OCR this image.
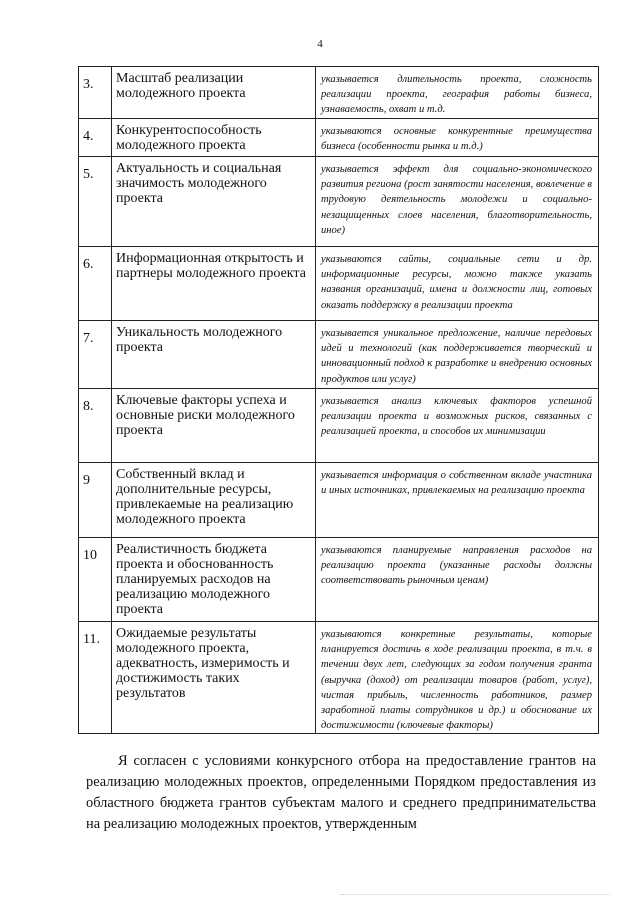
4
3.	Масштаб реализации молодежного проекта	указывается длительность проекта, сложность реализации проекта, география работы бизнеса, узнаваемость, охват и т.д.
4.	Конкурентоспособность молодежного проекта	указываются основные конкурентные преимущества бизнеса (особенности рынка и т.д.)
5.	Актуальность и социальная значимость молодежного проекта	указывается эффект для социально-экономического развития региона (рост занятости населения, вовлечение в трудовую деятельность молодежи и социально-незащищенных слоев населения, благотворительность, иное)
6.	Информационная открытость и партнеры молодежного проекта	указываются сайты, социальные сети и др. информационные ресурсы, можно также указать названия организаций, имена и должности лиц, готовых оказать поддержку в реализации проекта
7.	Уникальность молодежного проекта	указывается уникальное предложение, наличие передовых идей и технологий (как поддерживается творческий и инновационный подход к разработке и внедрению основных продуктов или услуг)
8.	Ключевые факторы успеха и основные риски молодежного проекта	указывается анализ ключевых факторов успешной реализации проекта и возможных рисков, связанных с реализацией проекта, и способов их минимизации
9	Собственный вклад и дополнительные ресурсы, привлекаемые на реализацию молодежного проекта	указывается информация о собственном вкладе участника и иных источниках, привлекаемых на реализацию проекта
10	Реалистичность бюджета проекта и обоснованность планируемых расходов на реализацию молодежного проекта	указываются планируемые направления расходов на реализацию проекта (указанные расходы должны соответствовать рыночным ценам)
11.	Ожидаемые результаты молодежного проекта, адекватность, измеримость и достижимость таких результатов	указываются конкретные результаты, которые планируется достичь в ходе реализации проекта, в т.ч. в течении двух лет, следующих за годом получения гранта (выручка (доход) от реализации товаров (работ, услуг), чистая прибыль, численность работников, размер заработной платы сотрудников и др.) и обоснование их достижимости (ключевые факторы)
Я согласен с условиями конкурсного отбора на предоставление грантов на реализацию молодежных проектов, определенными Порядком предоставления из областного бюджета грантов субъектам малого и среднего предпринимательства на реализацию молодежных проектов, утвержденным
